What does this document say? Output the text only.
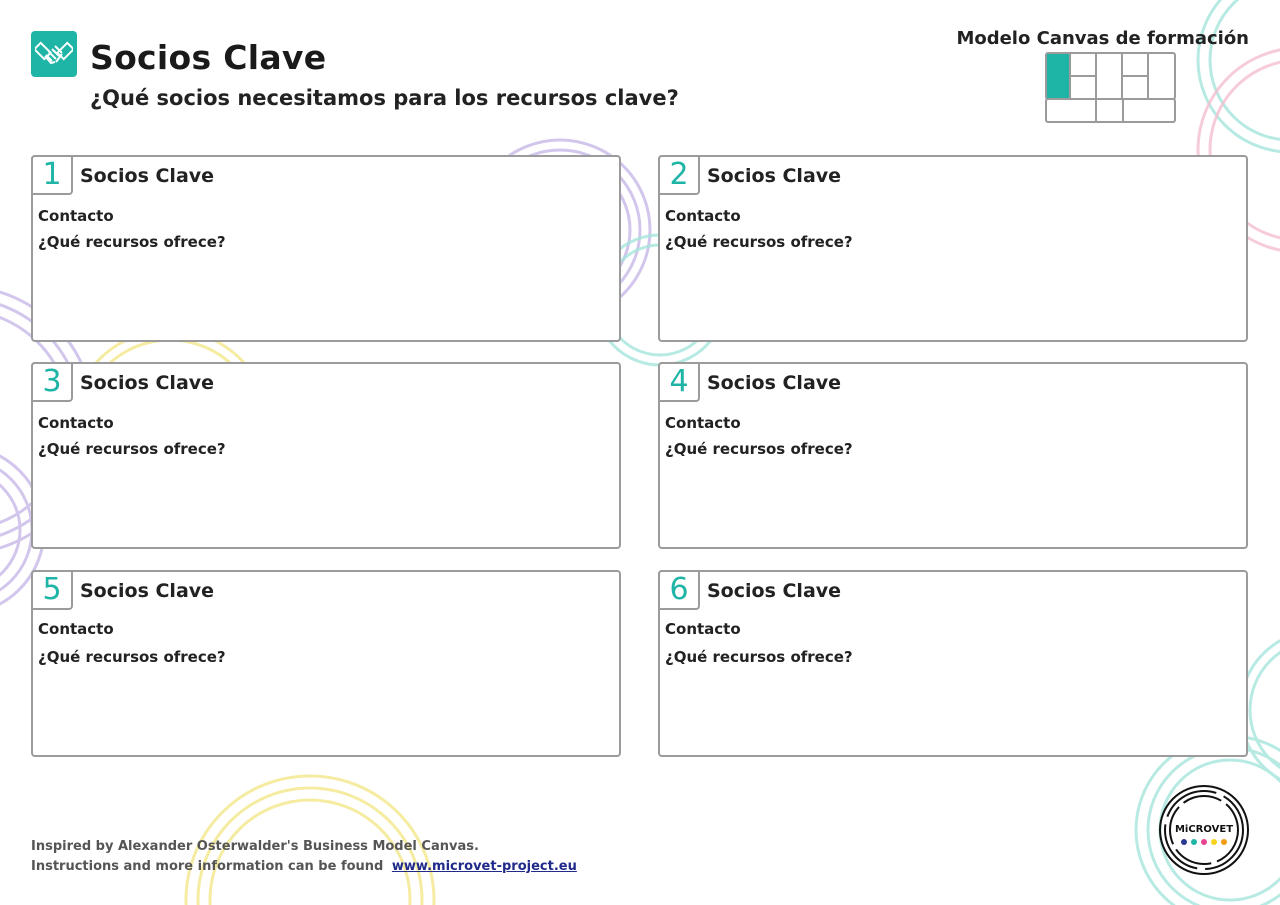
Socios Clave

¿Qué socios necesitamos para los recursos clave?

Modelo Canvas de formación
1 Socios Clave
Contacto
¿Qué recursos ofrece?
2 Socios Clave
Contacto
¿Qué recursos ofrece?
3 Socios Clave
Contacto
¿Qué recursos ofrece?
4 Socios Clave
Contacto
¿Qué recursos ofrece?
5 Socios Clave
Contacto
¿Qué recursos ofrece?
6 Socios Clave
Contacto
¿Qué recursos ofrece?
Inspired by Alexander Osterwalder's Business Model Canvas.
Instructions and more information can be found www.microvet-project.eu
MiCROVET
